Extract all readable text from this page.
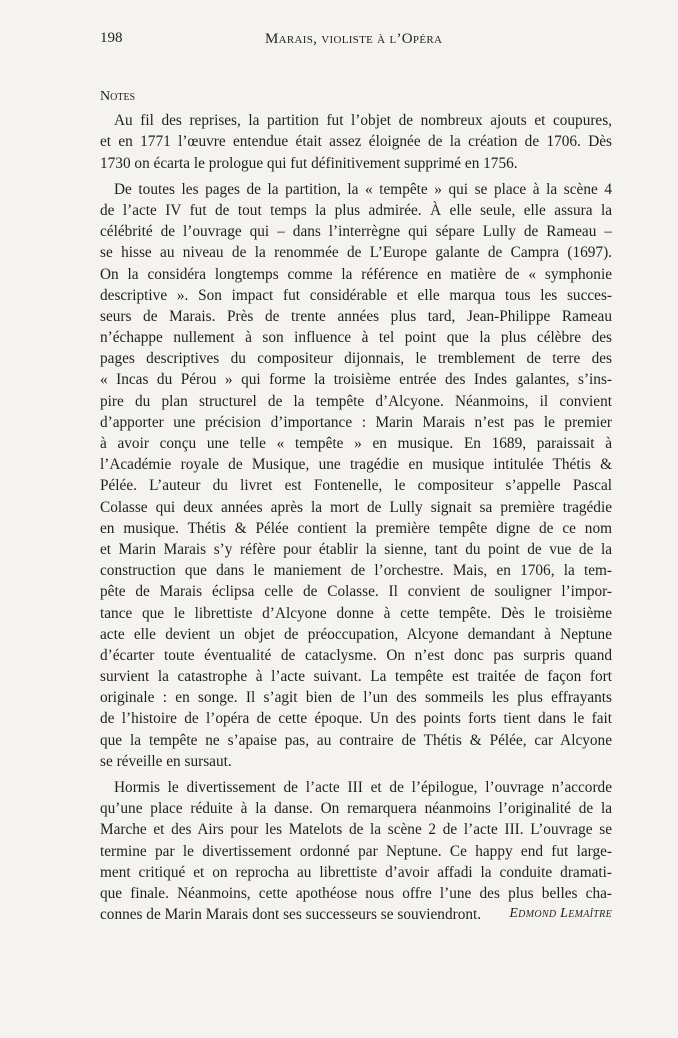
198	Marais, violiste à l’Opéra
Notes
Au fil des reprises, la partition fut l’objet de nombreux ajouts et coupures,
et en 1771 l’œuvre entendue était assez éloignée de la création de 1706. Dès
1730 on écarta le prologue qui fut définitivement supprimé en 1756.
De toutes les pages de la partition, la « tempête » qui se place à la scène 4
de l’acte IV fut de tout temps la plus admirée. À elle seule, elle assura la
célébrité de l’ouvrage qui – dans l’interrègne qui sépare Lully de Rameau –
se hisse au niveau de la renommée de L’Europe galante de Campra (1697).
On la considéra longtemps comme la référence en matière de « symphonie
descriptive ». Son impact fut considérable et elle marqua tous les succes-
seurs de Marais. Près de trente années plus tard, Jean-Philippe Rameau
n’échappe nullement à son influence à tel point que la plus célèbre des
pages descriptives du compositeur dijonnais, le tremblement de terre des
« Incas du Pérou » qui forme la troisième entrée des Indes galantes, s’ins-
pire du plan structurel de la tempête d’Alcyone. Néanmoins, il convient
d’apporter une précision d’importance : Marin Marais n’est pas le premier
à avoir conçu une telle « tempête » en musique. En 1689, paraissait à
l’Académie royale de Musique, une tragédie en musique intitulée Thétis &
Pélée. L’auteur du livret est Fontenelle, le compositeur s’appelle Pascal
Colasse qui deux années après la mort de Lully signait sa première tragédie
en musique. Thétis & Pélée contient la première tempête digne de ce nom
et Marin Marais s’y réfère pour établir la sienne, tant du point de vue de la
construction que dans le maniement de l’orchestre. Mais, en 1706, la tem-
pête de Marais éclipsa celle de Colasse. Il convient de souligner l’impor-
tance que le librettiste d’Alcyone donne à cette tempête. Dès le troisième
acte elle devient un objet de préoccupation, Alcyone demandant à Neptune
d’écarter toute éventualité de cataclysme. On n’est donc pas surpris quand
survient la catastrophe à l’acte suivant. La tempête est traitée de façon fort
originale : en songe. Il s’agit bien de l’un des sommeils les plus effrayants
de l’histoire de l’opéra de cette époque. Un des points forts tient dans le fait
que la tempête ne s’apaise pas, au contraire de Thétis & Pélée, car Alcyone
se réveille en sursaut.
Hormis le divertissement de l’acte III et de l’épilogue, l’ouvrage n’accorde
qu’une place réduite à la danse. On remarquera néanmoins l’originalité de la
Marche et des Airs pour les Matelots de la scène 2 de l’acte III. L’ouvrage se
termine par le divertissement ordonné par Neptune. Ce happy end fut large-
ment critiqué et on reprocha au librettiste d’avoir affadi la conduite dramati-
que finale. Néanmoins, cette apothéose nous offre l’une des plus belles cha-
connes de Marin Marais dont ses successeurs se souviendront.	Edmond Lemaître
